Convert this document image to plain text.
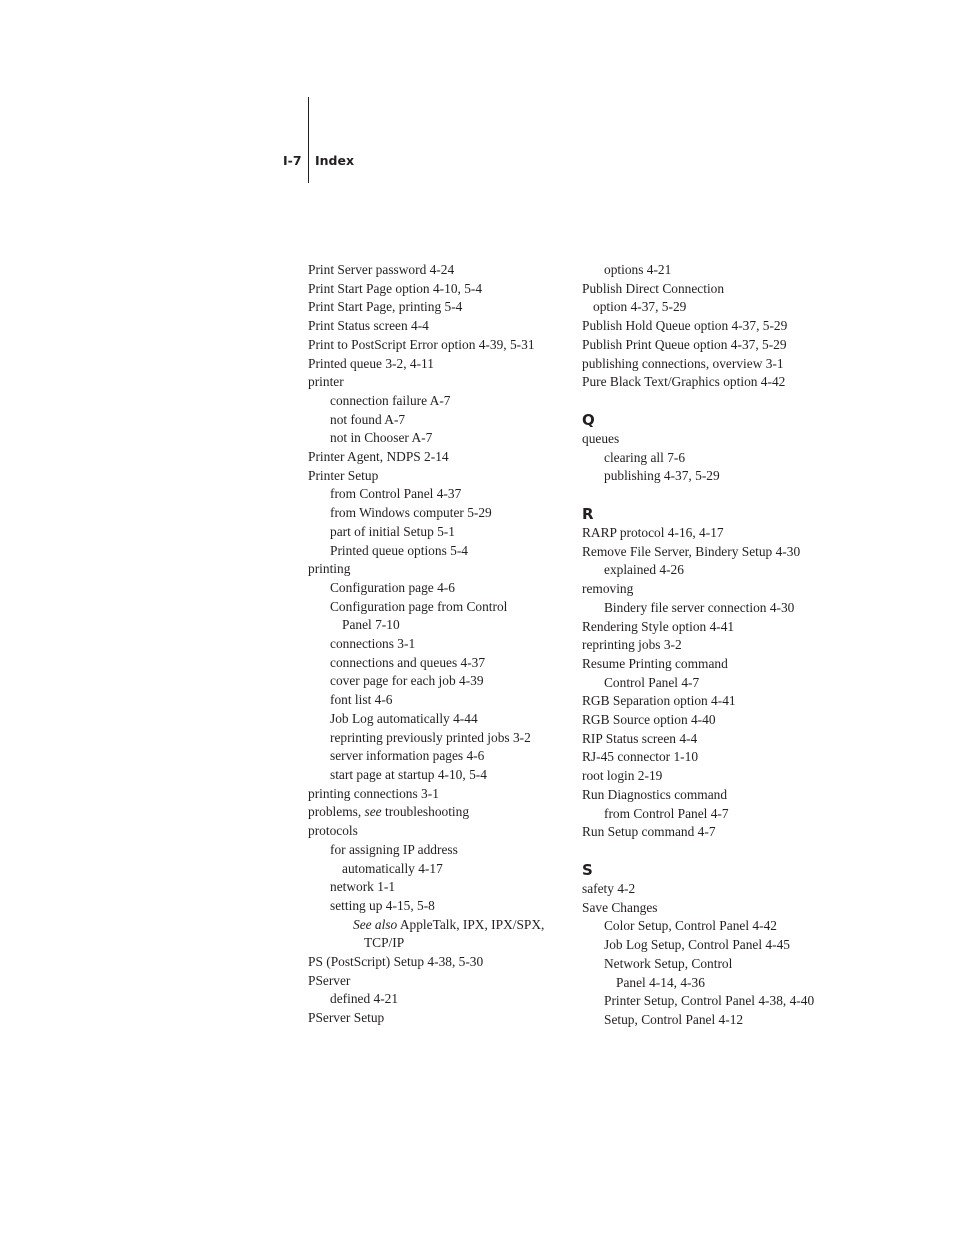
I-7 Index
Print Server password 4-24
Print Start Page option 4-10, 5-4
Print Start Page, printing 5-4
Print Status screen 4-4
Print to PostScript Error option 4-39, 5-31
Printed queue 3-2, 4-11
printer
connection failure A-7
not found A-7
not in Chooser A-7
Printer Agent, NDPS 2-14
Printer Setup
from Control Panel 4-37
from Windows computer 5-29
part of initial Setup 5-1
Printed queue options 5-4
printing
Configuration page 4-6
Configuration page from Control
Panel 7-10
connections 3-1
connections and queues 4-37
cover page for each job 4-39
font list 4-6
Job Log automatically 4-44
reprinting previously printed jobs 3-2
server information pages 4-6
start page at startup 4-10, 5-4
printing connections 3-1
problems, see troubleshooting
protocols
for assigning IP address
automatically 4-17
network 1-1
setting up 4-15, 5-8
See also AppleTalk, IPX, IPX/SPX,
TCP/IP
PS (PostScript) Setup 4-38, 5-30
PServer
defined 4-21
PServer Setup
options 4-21
Publish Direct Connection
option 4-37, 5-29
Publish Hold Queue option 4-37, 5-29
Publish Print Queue option 4-37, 5-29
publishing connections, overview 3-1
Pure Black Text/Graphics option 4-42
Q
queues
clearing all 7-6
publishing 4-37, 5-29
R
RARP protocol 4-16, 4-17
Remove File Server, Bindery Setup 4-30
explained 4-26
removing
Bindery file server connection 4-30
Rendering Style option 4-41
reprinting jobs 3-2
Resume Printing command
Control Panel 4-7
RGB Separation option 4-41
RGB Source option 4-40
RIP Status screen 4-4
RJ-45 connector 1-10
root login 2-19
Run Diagnostics command
from Control Panel 4-7
Run Setup command 4-7
S
safety 4-2
Save Changes
Color Setup, Control Panel 4-42
Job Log Setup, Control Panel 4-45
Network Setup, Control
Panel 4-14, 4-36
Printer Setup, Control Panel 4-38, 4-40
Setup, Control Panel 4-12
